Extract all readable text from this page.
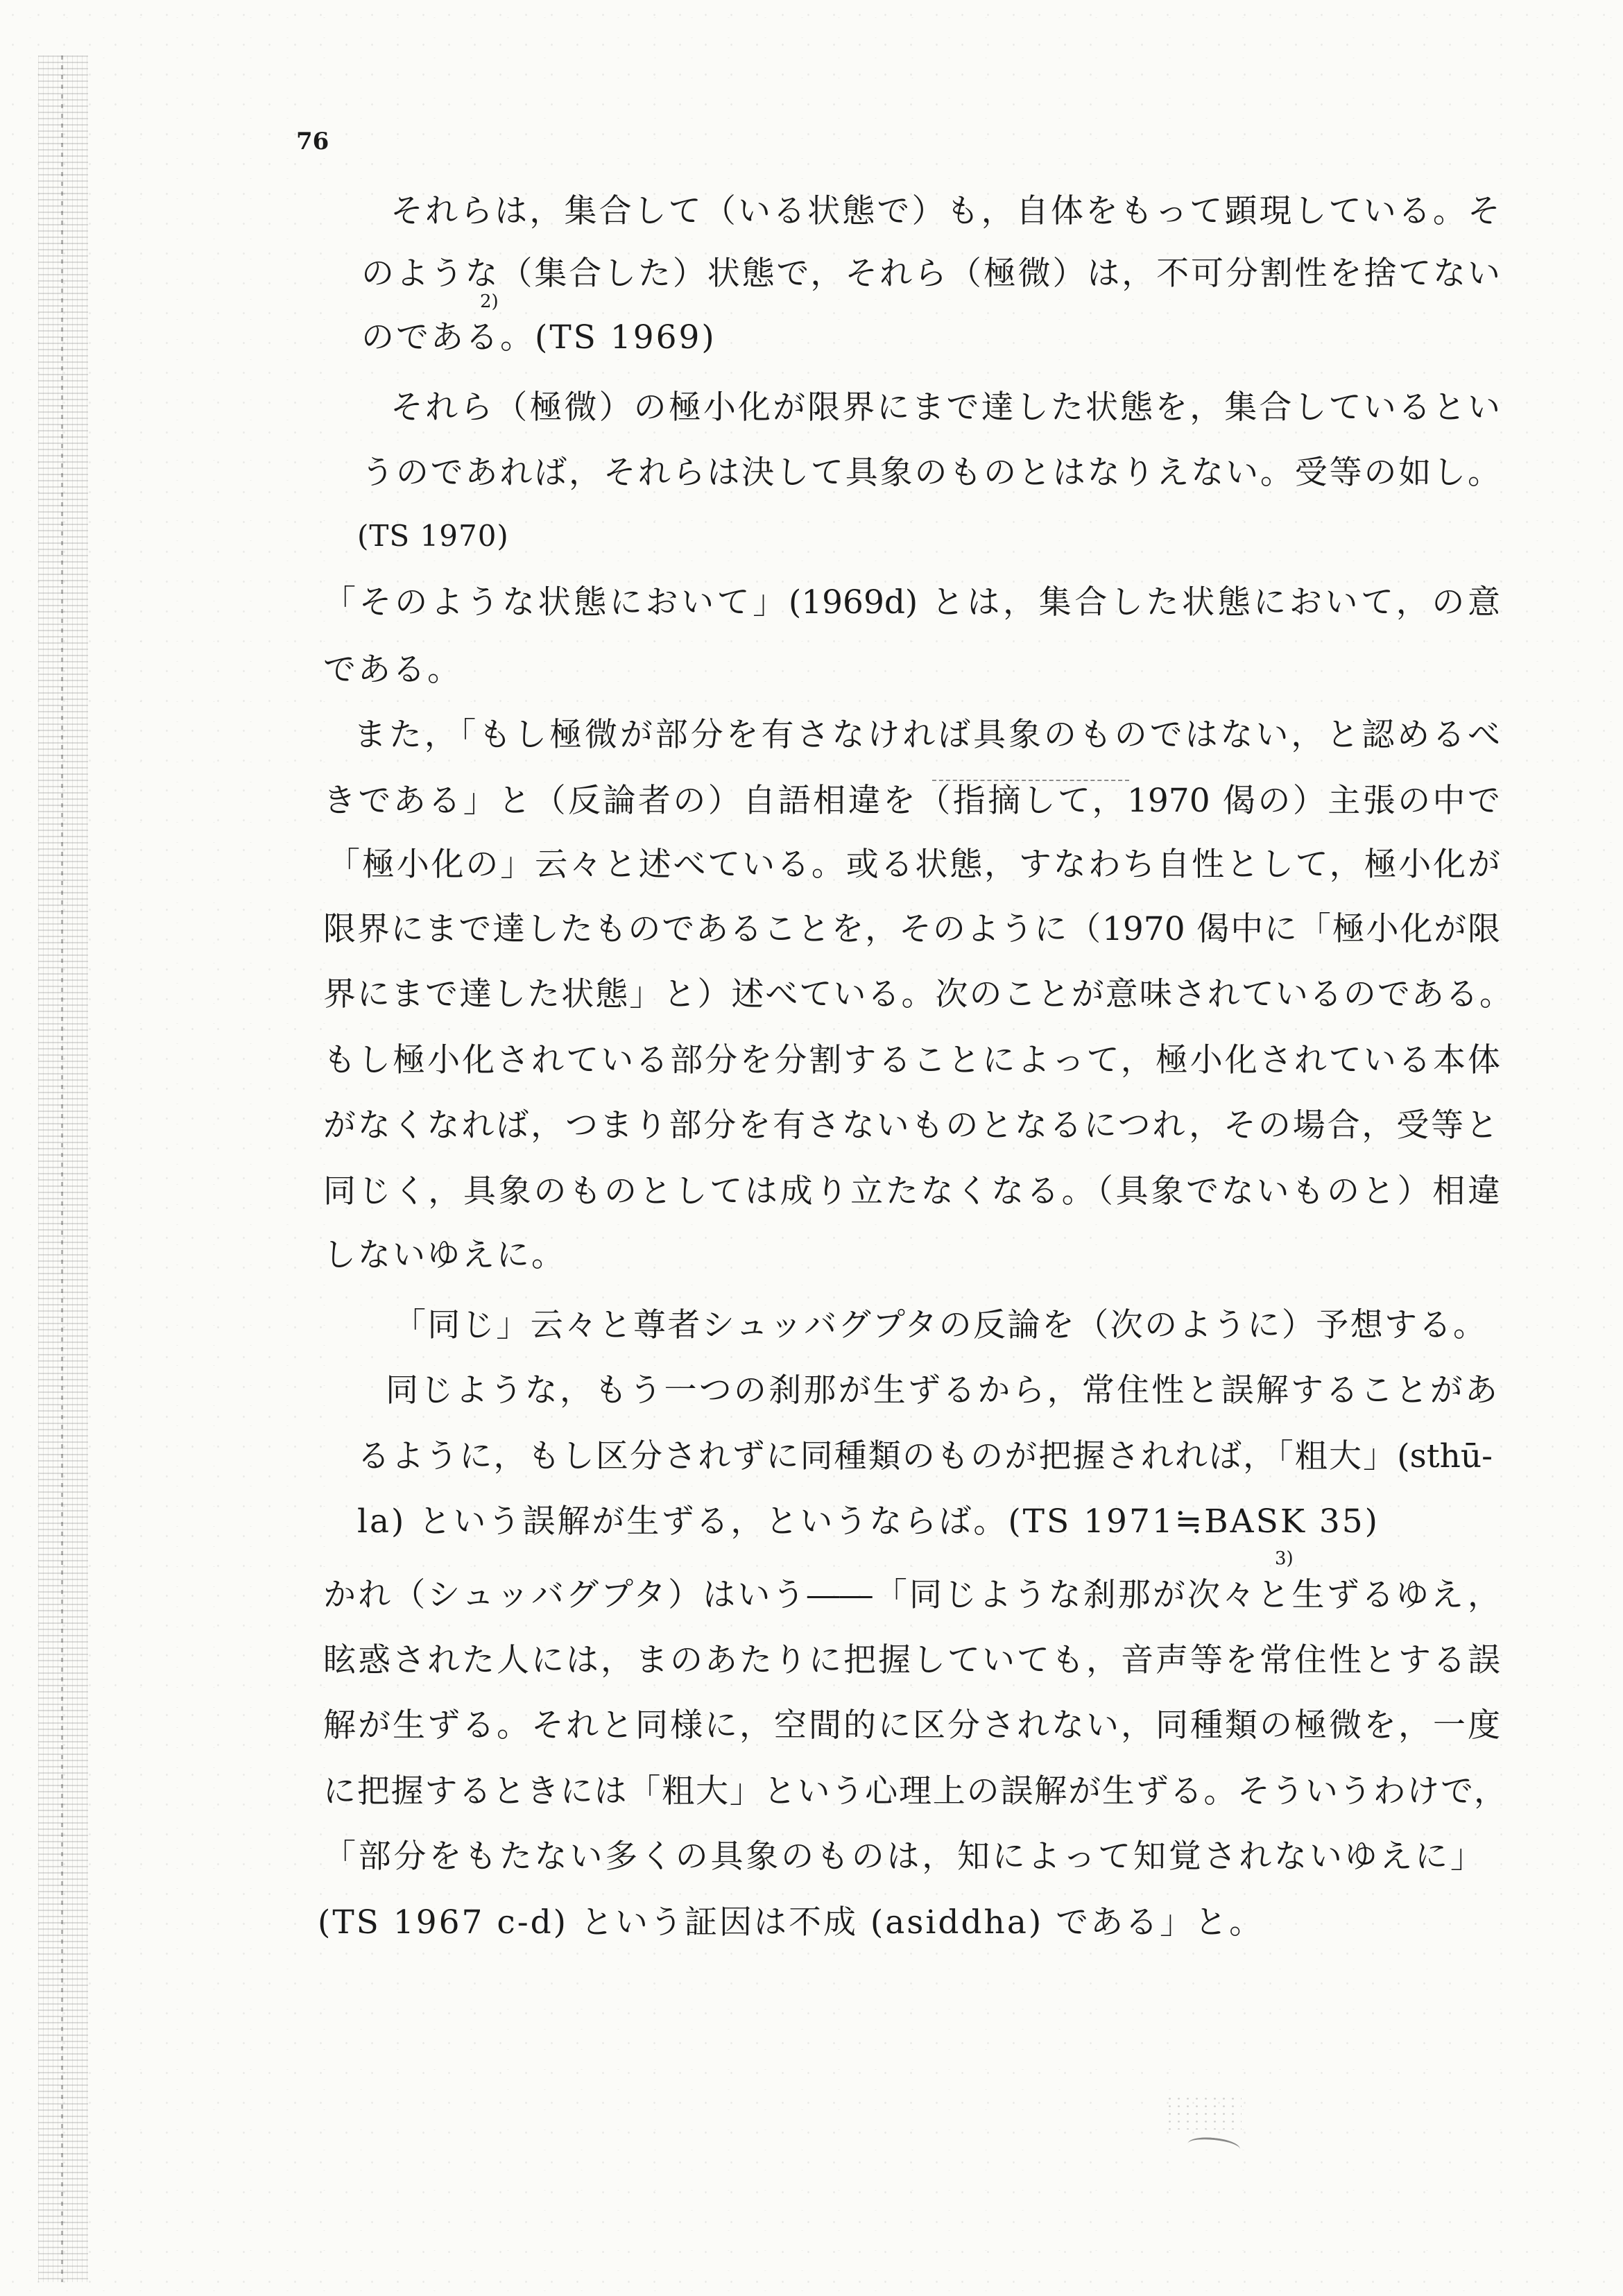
76
それらは，集合して（いる状態で）も，自体をもって顕現している。そ
のような（集合した）状態で，それら（極微）は，不可分割性を捨てない
のである。(TS 1969)
2)
それら（極微）の極小化が限界にまで達した状態を，集合しているとい
うのであれば，それらは決して具象のものとはなりえない。受等の如し。
(TS 1970)
「そのような状態において」(1969d) とは，集合した状態において，の意
である。
また，「もし極微が部分を有さなければ具象のものではない，と認めるべ
きである」と（反論者の）自語相違を（指摘して，1970 偈の）主張の中で
「極小化の」云々と述べている。或る状態，すなわち自性として，極小化が
限界にまで達したものであることを，そのように（1970 偈中に「極小化が限
界にまで達した状態」と）述べている。次のことが意味されているのである。
もし極小化されている部分を分割することによって，極小化されている本体
がなくなれば，つまり部分を有さないものとなるにつれ，その場合，受等と
同じく，具象のものとしては成り立たなくなる。（具象でないものと）相違
しないゆえに。
「同じ」云々と尊者シュッバグプタの反論を（次のように）予想する。
同じような，もう一つの刹那が生ずるから，常住性と誤解することがあ
るように，もし区分されずに同種類のものが把握されれば，「粗大」(sthū-
la) という誤解が生ずる，というならば。(TS 1971≒BASK 35)
かれ（シュッバグプタ）はいう――「同じような刹那が次々と生ずるゆえ，
3)
眩惑された人には，まのあたりに把握していても，音声等を常住性とする誤
解が生ずる。それと同様に，空間的に区分されない，同種類の極微を，一度
に把握するときには「粗大」という心理上の誤解が生ずる。そういうわけで，
「部分をもたない多くの具象のものは，知によって知覚されないゆえに」
(TS 1967 c-d) という証因は不成 (asiddha) である」と。
